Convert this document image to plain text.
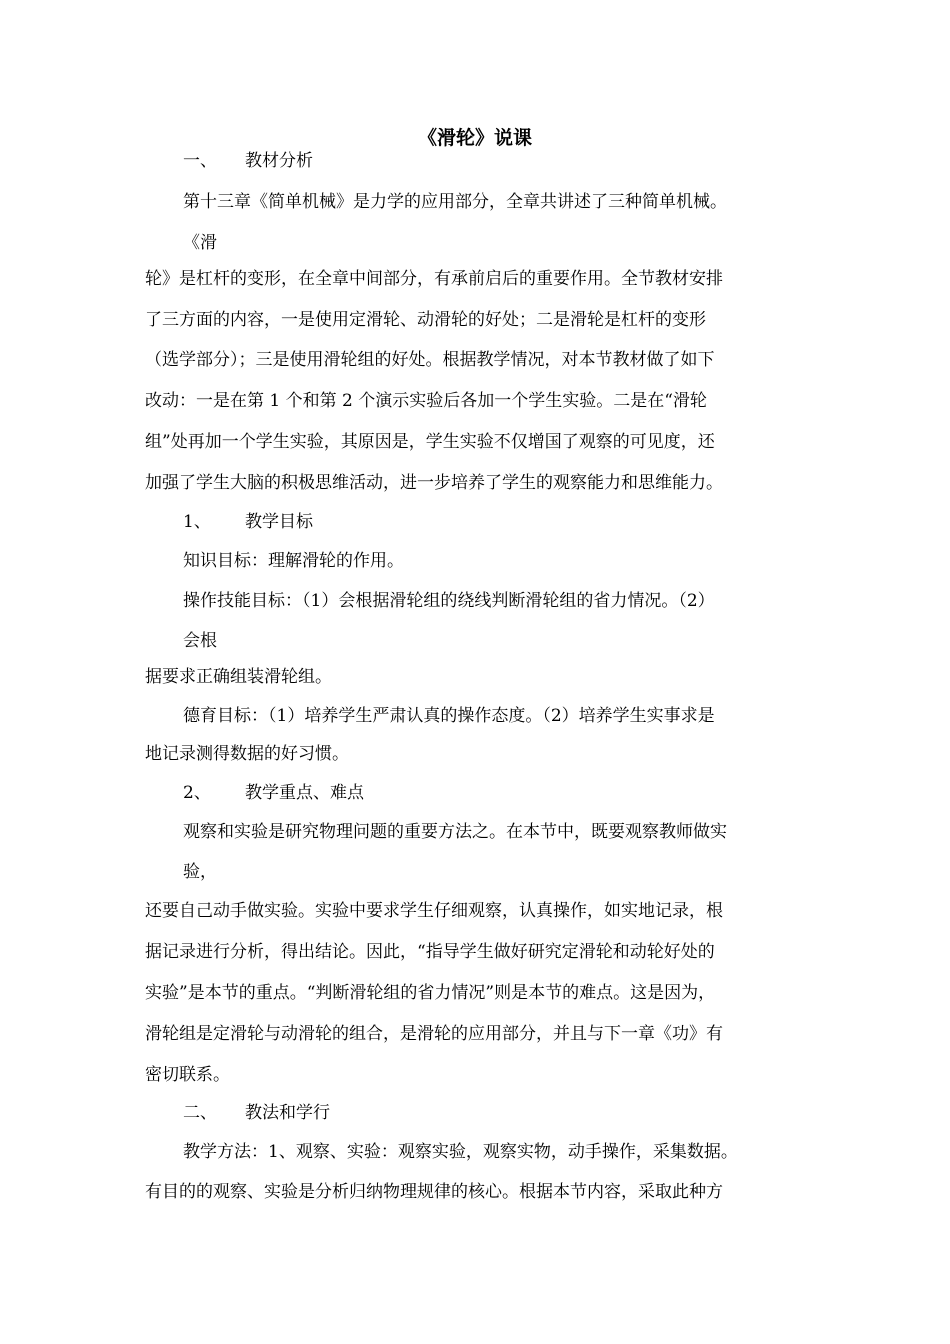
《滑轮》说课
一、 教材分析
第十三章《简单机械》是力学的应用部分，全章共讲述了三种简单机械。
《滑
轮》是杠杆的变形，在全章中间部分，有承前启后的重要作用。全节教材安排
了三方面的内容，一是使用定滑轮、动滑轮的好处；二是滑轮是杠杆的变形
（选学部分）；三是使用滑轮组的好处。根据教学情况，对本节教材做了如下
改动：一是在第 1 个和第 2 个演示实验后各加一个学生实验。二是在“滑轮
组”处再加一个学生实验，其原因是，学生实验不仅增国了观察的可见度，还
加强了学生大脑的积极思维活动，进一步培养了学生的观察能力和思维能力。
1、 教学目标
知识目标：理解滑轮的作用。
操作技能目标：（1）会根据滑轮组的绕线判断滑轮组的省力情况。（2）
会根
据要求正确组装滑轮组。
德育目标：（1）培养学生严肃认真的操作态度。（2）培养学生实事求是
地记录测得数据的好习惯。
2、 教学重点、难点
观察和实验是研究物理问题的重要方法之。在本节中，既要观察教师做实
验，
还要自己动手做实验。实验中要求学生仔细观察，认真操作，如实地记录，根
据记录进行分析，得出结论。因此，“指导学生做好研究定滑轮和动轮好处的
实验”是本节的重点。“判断滑轮组的省力情况”则是本节的难点。这是因为，
滑轮组是定滑轮与动滑轮的组合，是滑轮的应用部分，并且与下一章《功》有
密切联系。
二、 教法和学行
教学方法：1、观察、实验：观察实验，观察实物，动手操作，采集数据。
有目的的观察、实验是分析归纳物理规律的核心。根据本节内容，采取此种方
